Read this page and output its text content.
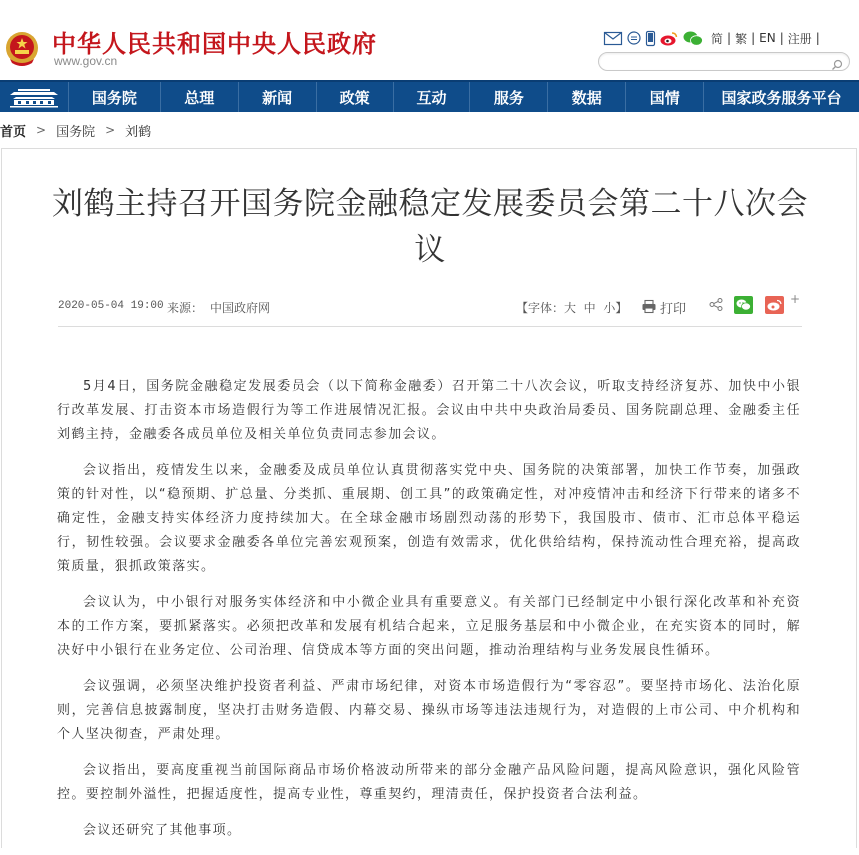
中华人民共和国中央人民政府
www.gov.cn
简 | 繁 | EN | 注册 |
国务院	总理	新闻	政策	互动	服务	数据	国情	国家政务服务平台
首页 > 国务院 > 刘鹤
刘鹤主持召开国务院金融稳定发展委员会第二十八次会议
2020-05-04 19:00 来源： 中国政府网	【字体：大 中 小】	打印
+

5月4日，国务院金融稳定发展委员会（以下简称金融委）召开第二十八次会议，听取支持经济复苏、加快中小银行改革发展、打击资本市场造假行为等工作进展情况汇报。会议由中共中央政治局委员、国务院副总理、金融委主任刘鹤主持，金融委各成员单位及相关单位负责同志参加会议。

会议指出，疫情发生以来，金融委及成员单位认真贯彻落实党中央、国务院的决策部署，加快工作节奏，加强政策的针对性，以“稳预期、扩总量、分类抓、重展期、创工具”的政策确定性，对冲疫情冲击和经济下行带来的诸多不确定性，金融支持实体经济力度持续加大。在全球金融市场剧烈动荡的形势下，我国股市、债市、汇市总体平稳运行，韧性较强。会议要求金融委各单位完善宏观预案，创造有效需求，优化供给结构，保持流动性合理充裕，提高政策质量，狠抓政策落实。

会议认为，中小银行对服务实体经济和中小微企业具有重要意义。有关部门已经制定中小银行深化改革和补充资本的工作方案，要抓紧落实。必须把改革和发展有机结合起来，立足服务基层和中小微企业，在充实资本的同时，解决好中小银行在业务定位、公司治理、信贷成本等方面的突出问题，推动治理结构与业务发展良性循环。

会议强调，必须坚决维护投资者利益、严肃市场纪律，对资本市场造假行为“零容忍”。要坚持市场化、法治化原则，完善信息披露制度，坚决打击财务造假、内幕交易、操纵市场等违法违规行为，对造假的上市公司、中介机构和个人坚决彻查，严肃处理。

会议指出，要高度重视当前国际商品市场价格波动所带来的部分金融产品风险问题，提高风险意识，强化风险管控。要控制外溢性，把握适度性，提高专业性，尊重契约，理清责任，保护投资者合法利益。

会议还研究了其他事项。
